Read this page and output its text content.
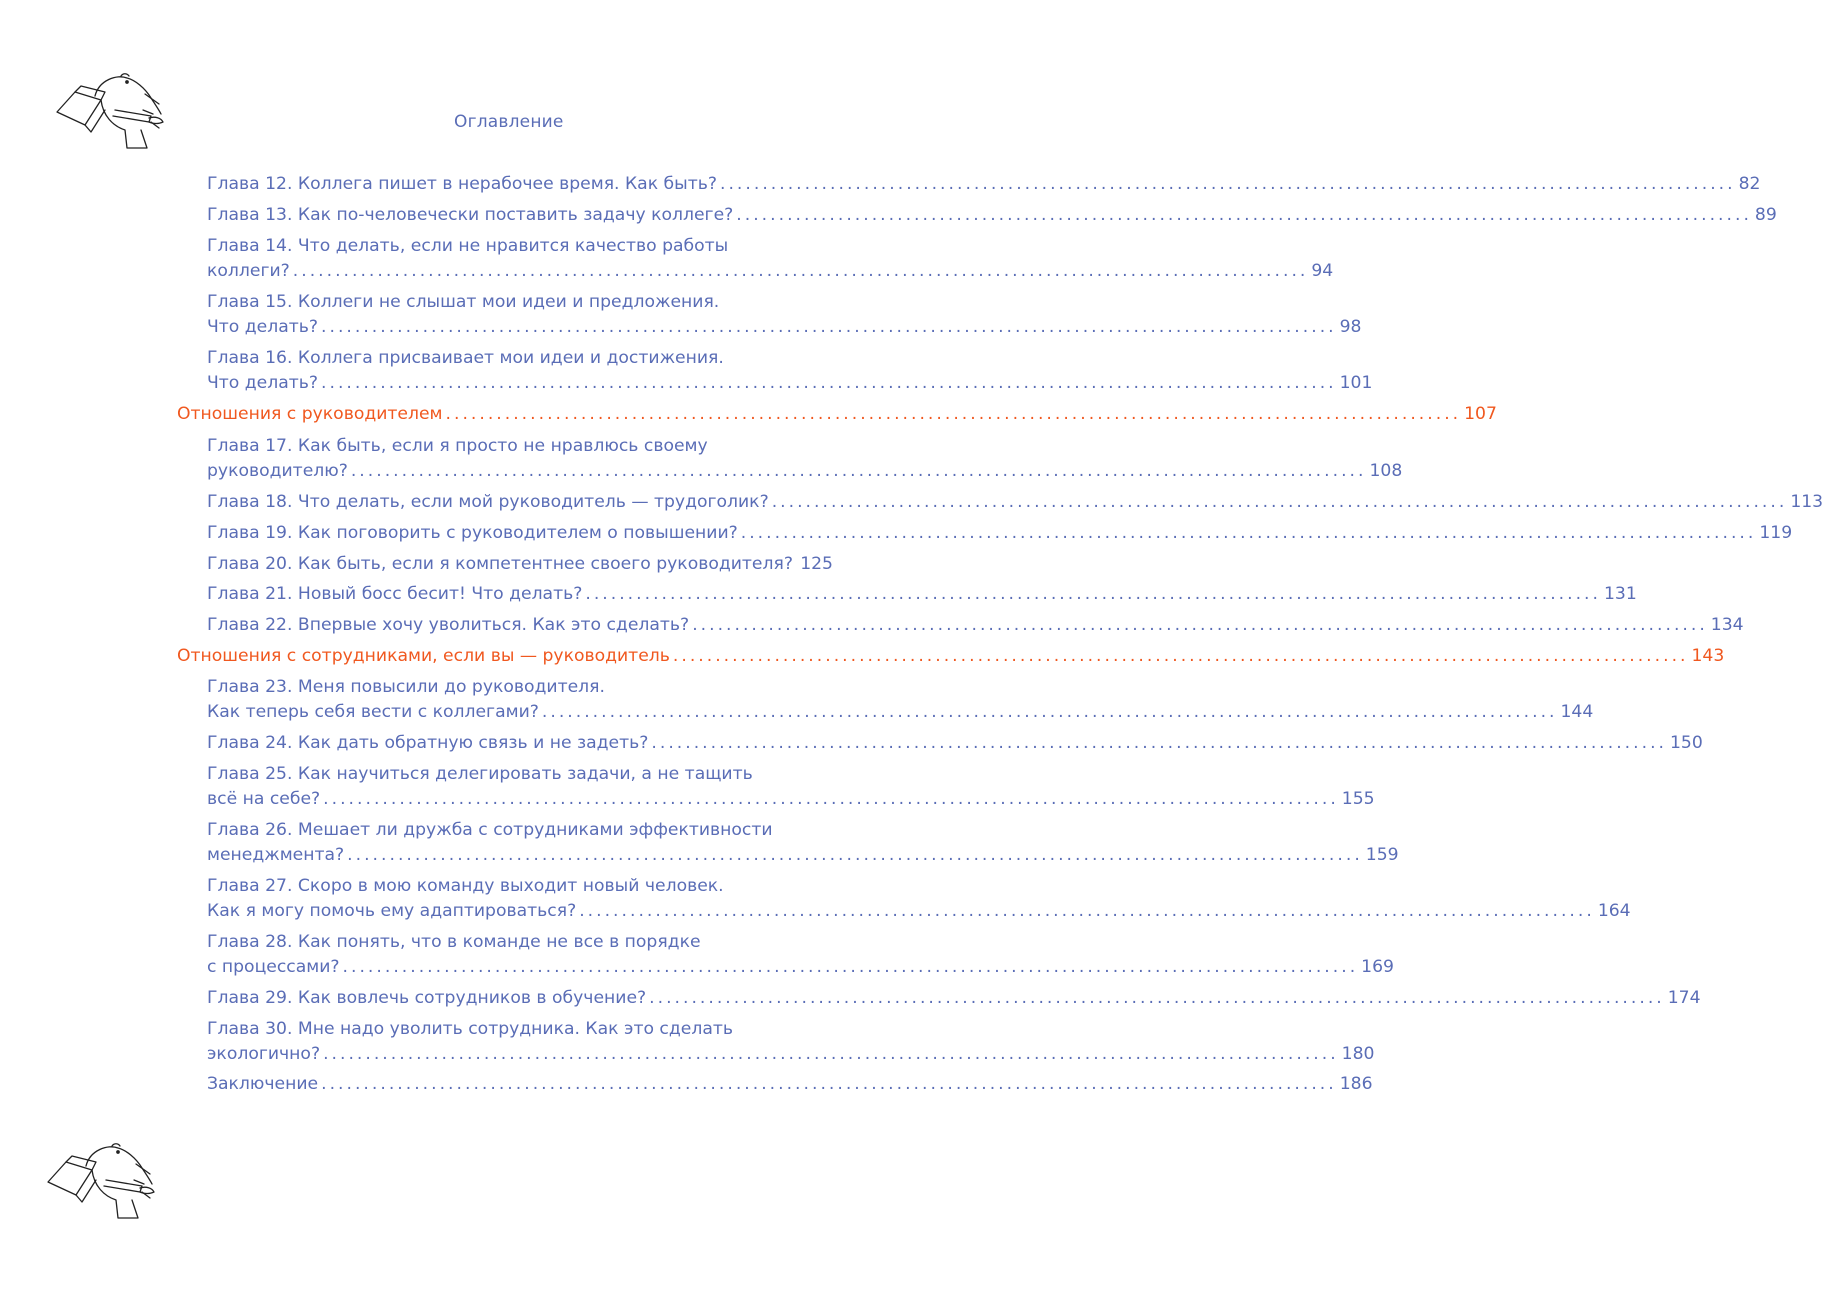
Оглавление
Глава 12. Коллега пишет в нерабочее время. Как быть? ........................................................................................................................ 82
Глава 13. Как по-человечески поставить задачу коллеге? ........................................................................................................................ 89
Глава 14. Что делать, если не нравится качество работы
коллеги? ........................................................................................................................ 94
Глава 15. Коллеги не слышат мои идеи и предложения.
Что делать? ........................................................................................................................ 98
Глава 16. Коллега присваивает мои идеи и достижения.
Что делать? ........................................................................................................................ 101
Отношения с руководителем ........................................................................................................................ 107
Глава 17. Как быть, если я просто не нравлюсь своему
руководителю? ........................................................................................................................ 108
Глава 18. Что делать, если мой руководитель — трудоголик? ........................................................................................................................ 113
Глава 19. Как поговорить с руководителем о повышении? ........................................................................................................................ 119
Глава 20. Как быть, если я компетентнее своего руководителя? 125
Глава 21. Новый босс бесит! Что делать? ........................................................................................................................ 131
Глава 22. Впервые хочу уволиться. Как это сделать? ........................................................................................................................ 134
Отношения с сотрудниками, если вы — руководитель ........................................................................................................................ 143
Глава 23. Меня повысили до руководителя.
Как теперь себя вести с коллегами? ........................................................................................................................ 144
Глава 24. Как дать обратную связь и не задеть? ........................................................................................................................ 150
Глава 25. Как научиться делегировать задачи, а не тащить
всё на себе? ........................................................................................................................ 155
Глава 26. Мешает ли дружба с сотрудниками эффективности
менеджмента? ........................................................................................................................ 159
Глава 27. Скоро в мою команду выходит новый человек.
Как я могу помочь ему адаптироваться? ........................................................................................................................ 164
Глава 28. Как понять, что в команде не все в порядке
с процессами? ........................................................................................................................ 169
Глава 29. Как вовлечь сотрудников в обучение? ........................................................................................................................ 174
Глава 30. Мне надо уволить сотрудника. Как это сделать
экологично? ........................................................................................................................ 180
Заключение ........................................................................................................................ 186
